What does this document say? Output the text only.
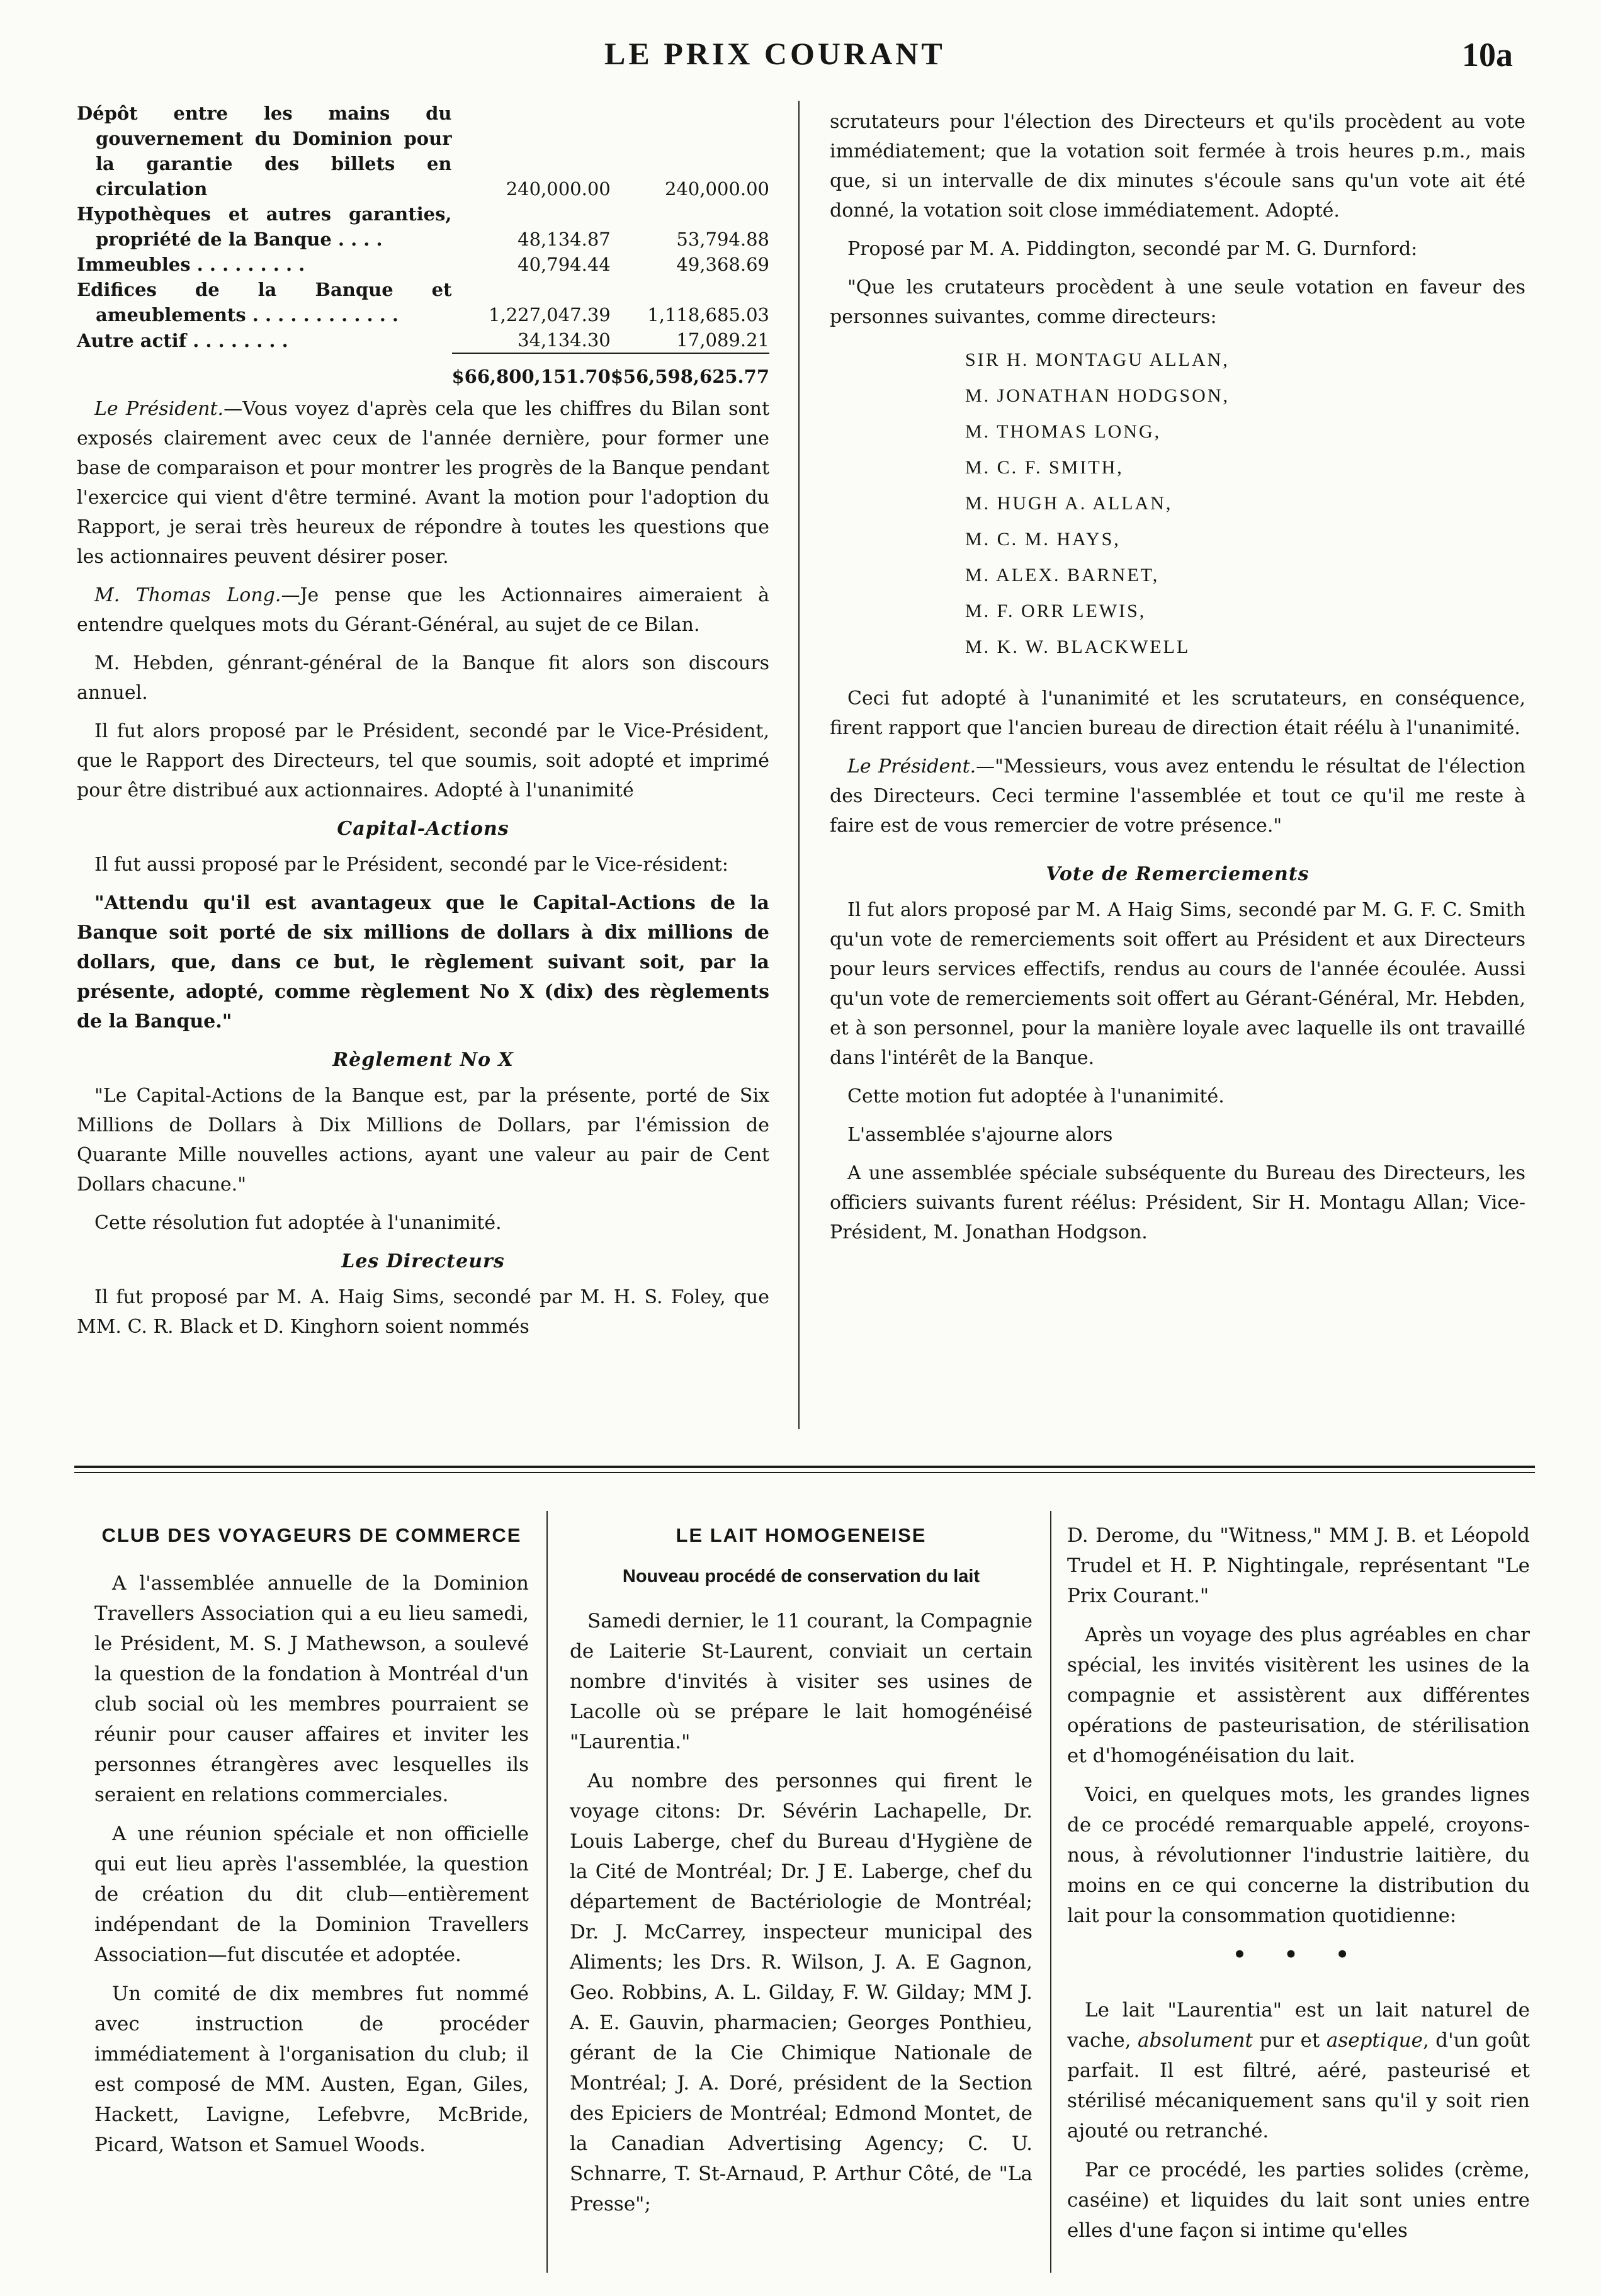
LE PRIX COURANT	10a
Dépôt entre les mains du gouvernement du Dominion pour la garantie des billets en circulation	240,000.00	240,000.00
Hypothèques et autres garanties, propriété de la Banque . . . .	48,134.87	53,794.88
Immeubles . . . . . . . . .	40,794.44	49,368.69
Edifices de la Banque et ameublements . . . . . . . . . . . .	1,227,047.39	1,118,685.03
Autre actif . . . . . . . .	34,134.30	17,089.21
	$66,800,151.70	$56,598,625.77

Le Président.—Vous voyez d'après cela que les chiffres du Bilan sont exposés clairement avec ceux de l'année dernière, pour former une base de comparaison et pour montrer les progrès de la Banque pendant l'exercice qui vient d'être terminé. Avant la motion pour l'adoption du Rapport, je serai très heureux de répondre à toutes les questions que les actionnaires peuvent désirer poser.

M. Thomas Long.—Je pense que les Actionnaires aimeraient à entendre quelques mots du Gérant-Général, au sujet de ce Bilan.

M. Hebden, génrant-général de la Banque fit alors son discours annuel.

Il fut alors proposé par le Président, secondé par le Vice-Président, que le Rapport des Directeurs, tel que soumis, soit adopté et imprimé pour être distribué aux actionnaires. Adopté à l'unanimité

Capital-Actions

Il fut aussi proposé par le Président, secondé par le Vice-résident:

"Attendu qu'il est avantageux que le Capital-Actions de la Banque soit porté de six millions de dollars à dix millions de dollars, que, dans ce but, le règlement suivant soit, par la présente, adopté, comme règlement No X (dix) des règlements de la Banque."

Règlement No X

"Le Capital-Actions de la Banque est, par la présente, porté de Six Millions de Dollars à Dix Millions de Dollars, par l'émission de Quarante Mille nouvelles actions, ayant une valeur au pair de Cent Dollars chacune."

Cette résolution fut adoptée à l'unanimité.

Les Directeurs

Il fut proposé par M. A. Haig Sims, secondé par M. H. S. Foley, que MM. C. R. Black et D. Kinghorn soient nommés

scrutateurs pour l'élection des Directeurs et qu'ils procèdent au vote immédiatement; que la votation soit fermée à trois heures p.m., mais que, si un intervalle de dix minutes s'écoule sans qu'un vote ait été donné, la votation soit close immédiatement. Adopté.

Proposé par M. A. Piddington, secondé par M. G. Durnford:

"Que les crutateurs procèdent à une seule votation en faveur des personnes suivantes, comme directeurs:

SIR H. MONTAGU ALLAN,
M. JONATHAN HODGSON,
M. THOMAS LONG,
M. C. F. SMITH,
M. HUGH A. ALLAN,
M. C. M. HAYS,
M. ALEX. BARNET,
M. F. ORR LEWIS,
M. K. W. BLACKWELL

Ceci fut adopté à l'unanimité et les scrutateurs, en conséquence, firent rapport que l'ancien bureau de direction était réélu à l'unanimité.

Le Président.—"Messieurs, vous avez entendu le résultat de l'élection des Directeurs. Ceci termine l'assemblée et tout ce qu'il me reste à faire est de vous remercier de votre présence."

Vote de Remerciements

Il fut alors proposé par M. A Haig Sims, secondé par M. G. F. C. Smith qu'un vote de remerciements soit offert au Président et aux Directeurs pour leurs services effectifs, rendus au cours de l'année écoulée. Aussi qu'un vote de remerciements soit offert au Gérant-Général, Mr. Hebden, et à son personnel, pour la manière loyale avec laquelle ils ont travaillé dans l'intérêt de la Banque.

Cette motion fut adoptée à l'unanimité.

L'assemblée s'ajourne alors

A une assemblée spéciale subséquente du Bureau des Directeurs, les officiers suivants furent réélus: Président, Sir H. Montagu Allan; Vice-Président, M. Jonathan Hodgson.

CLUB DES VOYAGEURS DE COMMERCE

A l'assemblée annuelle de la Dominion Travellers Association qui a eu lieu samedi, le Président, M. S. J Mathewson, a soulevé la question de la fondation à Montréal d'un club social où les membres pourraient se réunir pour causer affaires et inviter les personnes étrangères avec lesquelles ils seraient en relations commerciales.

A une réunion spéciale et non officielle qui eut lieu après l'assemblée, la question de création du dit club—entièrement indépendant de la Dominion Travellers Association—fut discutée et adoptée.

Un comité de dix membres fut nommé avec instruction de procéder immédiatement à l'organisation du club; il est composé de MM. Austen, Egan, Giles, Hackett, Lavigne, Lefebvre, McBride, Picard, Watson et Samuel Woods.

LE LAIT HOMOGENEISE
Nouveau procédé de conservation du lait

Samedi dernier, le 11 courant, la Compagnie de Laiterie St-Laurent, conviait un certain nombre d'invités à visiter ses usines de Lacolle où se prépare le lait homogénéisé "Laurentia."

Au nombre des personnes qui firent le voyage citons: Dr. Sévérin Lachapelle, Dr. Louis Laberge, chef du Bureau d'Hygiène de la Cité de Montréal; Dr. J E. Laberge, chef du département de Bactériologie de Montréal; Dr. J. McCarrey, inspecteur municipal des Aliments; les Drs. R. Wilson, J. A. E Gagnon, Geo. Robbins, A. L. Gilday, F. W. Gilday; MM J. A. E. Gauvin, pharmacien; Georges Ponthieu, gérant de la Cie Chimique Nationale de Montréal; J. A. Doré, président de la Section des Epiciers de Montréal; Edmond Montet, de la Canadian Advertising Agency; C. U. Schnarre, T. St-Arnaud, P. Arthur Côté, de "La Presse";

D. Derome, du "Witness," MM J. B. et Léopold Trudel et H. P. Nightingale, représentant "Le Prix Courant."

Après un voyage des plus agréables en char spécial, les invités visitèrent les usines de la compagnie et assistèrent aux différentes opérations de pasteurisation, de stérilisation et d'homogénéisation du lait.

Voici, en quelques mots, les grandes lignes de ce procédé remarquable appelé, croyons-nous, à révolutionner l'industrie laitière, du moins en ce qui concerne la distribution du lait pour la consommation quotidienne:

• • •

Le lait "Laurentia" est un lait naturel de vache, absolument pur et aseptique, d'un goût parfait. Il est filtré, aéré, pasteurisé et stérilisé mécaniquement sans qu'il y soit rien ajouté ou retranché.

Par ce procédé, les parties solides (crème, caséine) et liquides du lait sont unies entre elles d'une façon si intime qu'elles
